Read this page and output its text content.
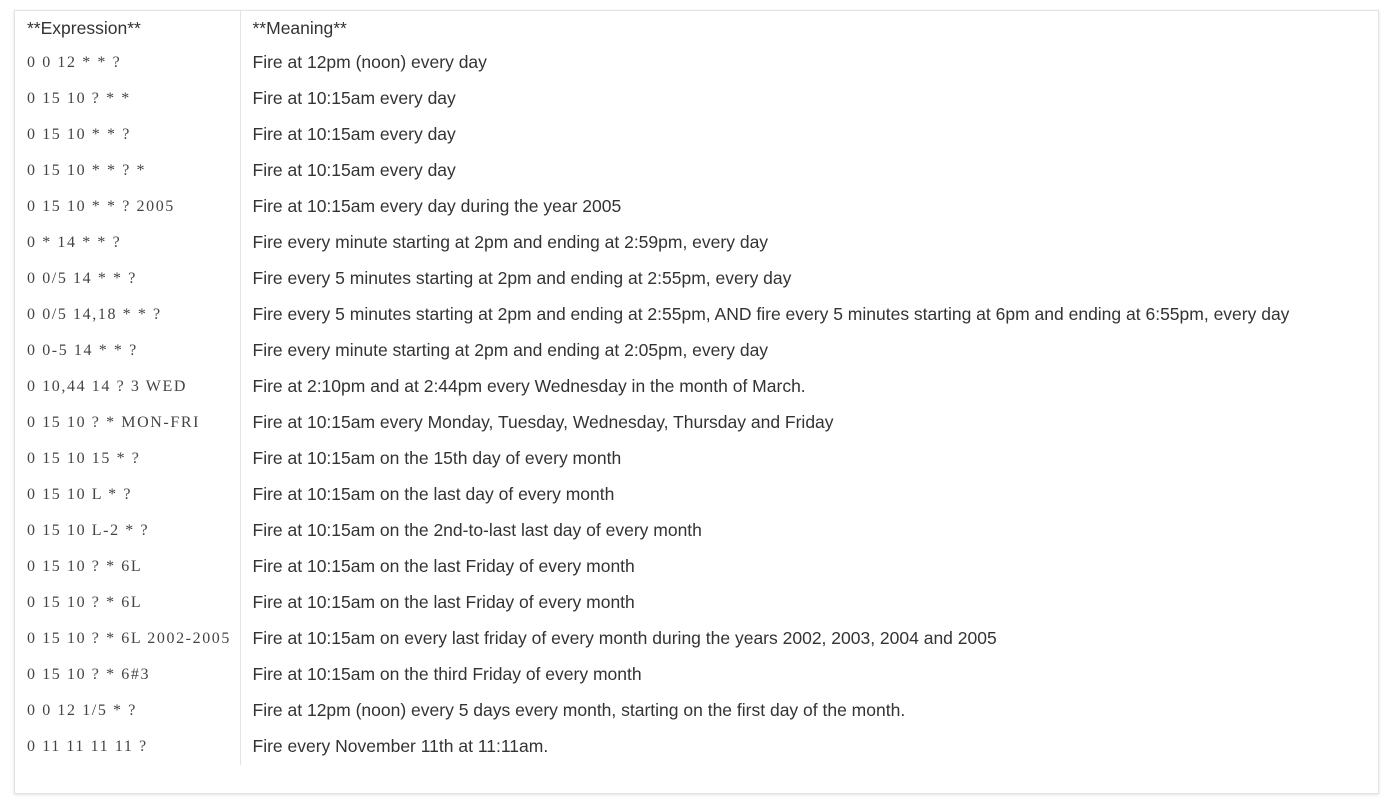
**Expression**	**Meaning**
0 0 12 * * ?	Fire at 12pm (noon) every day
0 15 10 ? * *	Fire at 10:15am every day
0 15 10 * * ?	Fire at 10:15am every day
0 15 10 * * ? *	Fire at 10:15am every day
0 15 10 * * ? 2005	Fire at 10:15am every day during the year 2005
0 * 14 * * ?	Fire every minute starting at 2pm and ending at 2:59pm, every day
0 0/5 14 * * ?	Fire every 5 minutes starting at 2pm and ending at 2:55pm, every day
0 0/5 14,18 * * ?	Fire every 5 minutes starting at 2pm and ending at 2:55pm, AND fire every 5 minutes starting at 6pm and ending at 6:55pm, every day
0 0-5 14 * * ?	Fire every minute starting at 2pm and ending at 2:05pm, every day
0 10,44 14 ? 3 WED	Fire at 2:10pm and at 2:44pm every Wednesday in the month of March.
0 15 10 ? * MON-FRI	Fire at 10:15am every Monday, Tuesday, Wednesday, Thursday and Friday
0 15 10 15 * ?	Fire at 10:15am on the 15th day of every month
0 15 10 L * ?	Fire at 10:15am on the last day of every month
0 15 10 L-2 * ?	Fire at 10:15am on the 2nd-to-last last day of every month
0 15 10 ? * 6L	Fire at 10:15am on the last Friday of every month
0 15 10 ? * 6L	Fire at 10:15am on the last Friday of every month
0 15 10 ? * 6L 2002-2005	Fire at 10:15am on every last friday of every month during the years 2002, 2003, 2004 and 2005
0 15 10 ? * 6#3	Fire at 10:15am on the third Friday of every month
0 0 12 1/5 * ?	Fire at 12pm (noon) every 5 days every month, starting on the first day of the month.
0 11 11 11 11 ?	Fire every November 11th at 11:11am.
